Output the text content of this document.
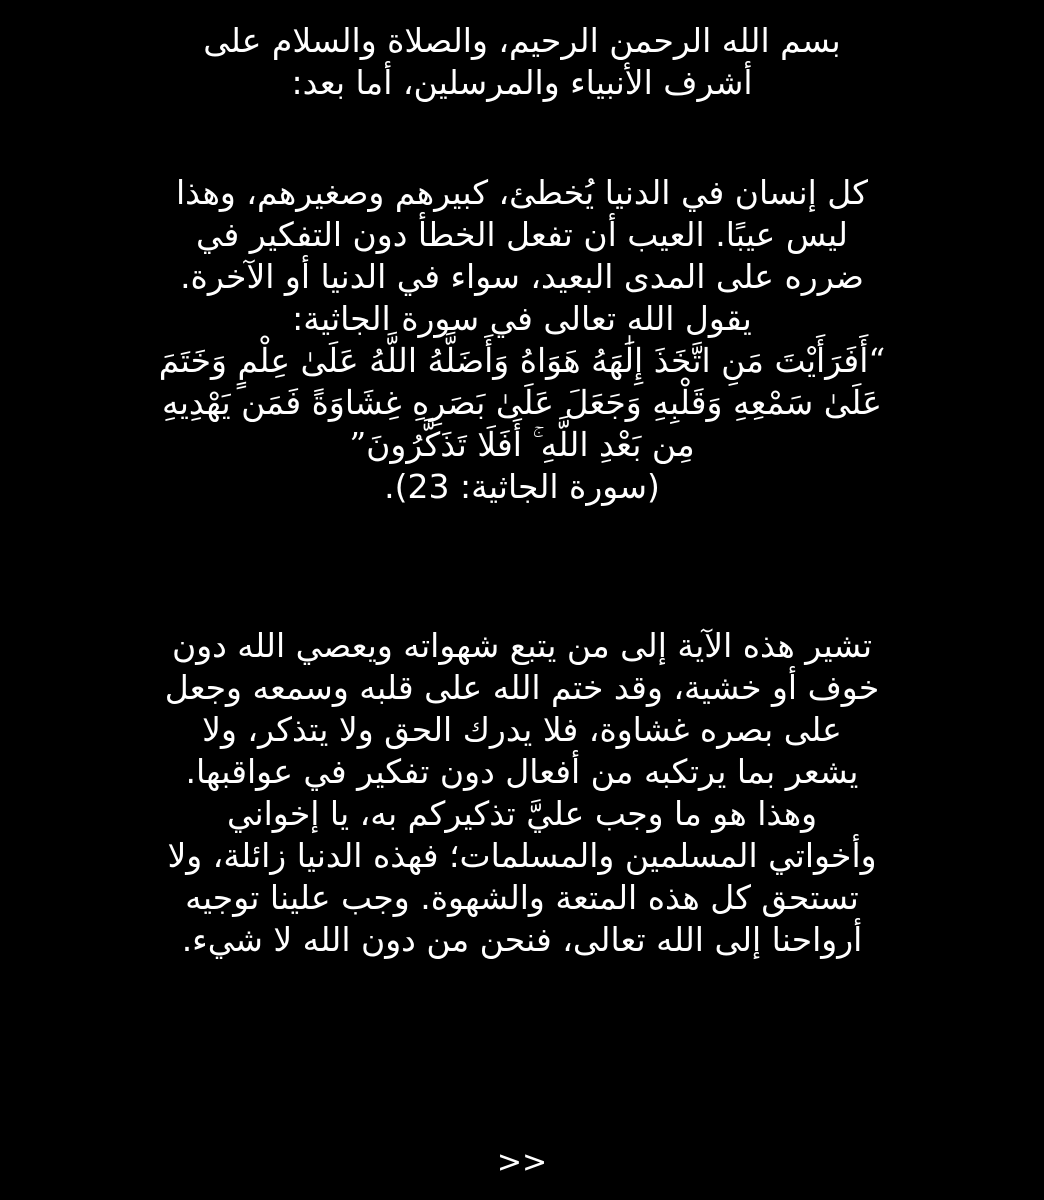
بسم الله الرحمن الرحيم، والصلاة والسلام على
أشرف الأنبياء والمرسلين، أما بعد:
كل إنسان في الدنيا يُخطئ، كبيرهم وصغيرهم، وهذا
ليس عيبًا. العيب أن تفعل الخطأ دون التفكير في
ضرره على المدى البعيد، سواء في الدنيا أو الآخرة.
يقول الله تعالى في سورة الجاثية:
“أَفَرَأَيْتَ مَنِ اتَّخَذَ إِلَٰهَهُ هَوَاهُ وَأَضَلَّهُ اللَّهُ عَلَىٰ عِلْمٍ وَخَتَمَ
عَلَىٰ سَمْعِهِ وَقَلْبِهِ وَجَعَلَ عَلَىٰ بَصَرِهِ غِشَاوَةً فَمَن يَهْدِيهِ
مِن بَعْدِ اللَّهِ ۚ أَفَلَا تَذَكَّرُونَ”
(سورة الجاثية: 23).
تشير هذه الآية إلى من يتبع شهواته ويعصي الله دون
خوف أو خشية، وقد ختم الله على قلبه وسمعه وجعل
على بصره غشاوة، فلا يدرك الحق ولا يتذكر، ولا
يشعر بما يرتكبه من أفعال دون تفكير في عواقبها.
وهذا هو ما وجب عليَّ تذكيركم به، يا إخواني
وأخواتي المسلمين والمسلمات؛ فهذه الدنيا زائلة، ولا
تستحق كل هذه المتعة والشهوة. وجب علينا توجيه
أرواحنا إلى الله تعالى، فنحن من دون الله لا شيء.
>>
